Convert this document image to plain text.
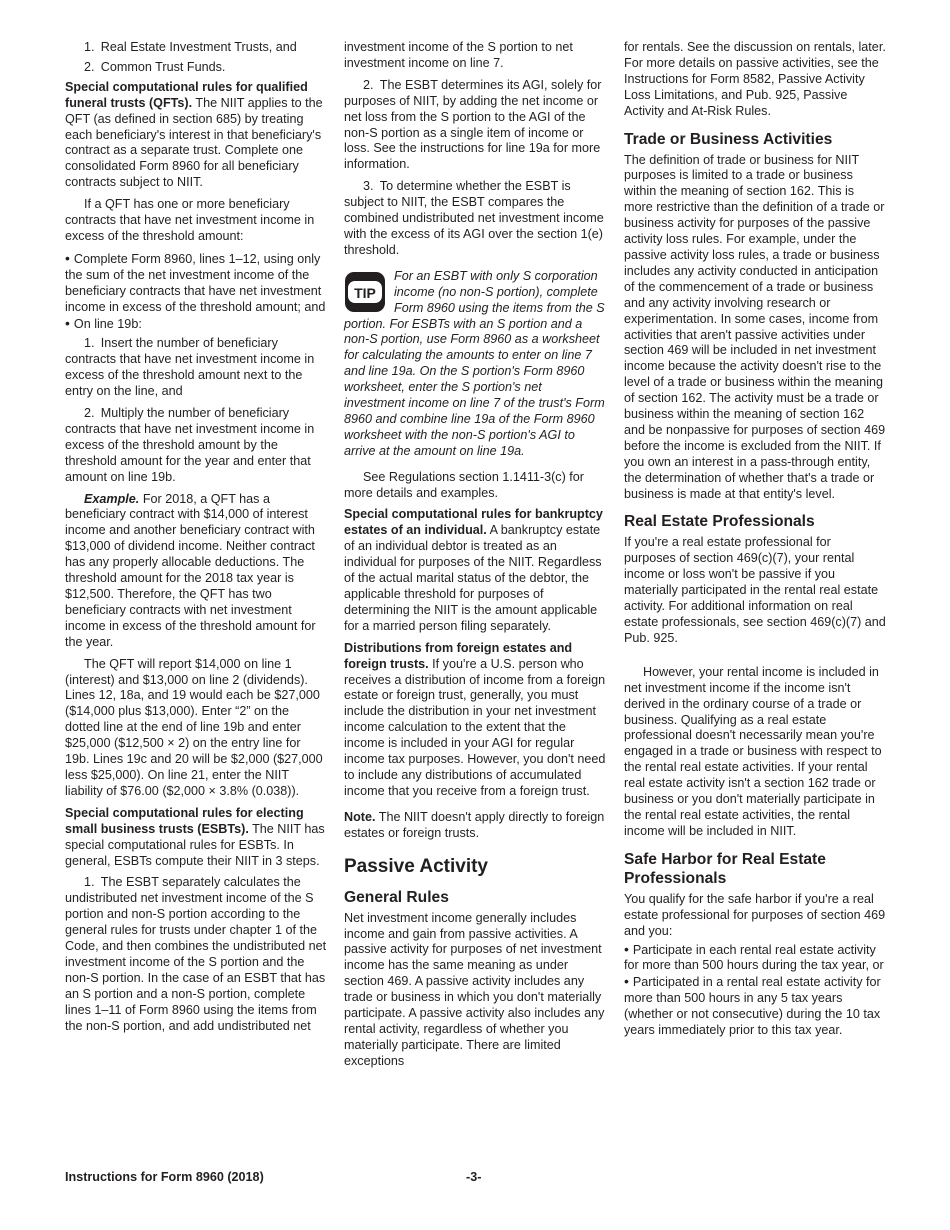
1. Real Estate Investment Trusts, and

2. Common Trust Funds.

Special computational rules for qualified funeral trusts (QFTs). The NIIT applies to the QFT (as defined in section 685) by treating each beneficiary's interest in that beneficiary's contract as a separate trust. Complete one consolidated Form 8960 for all beneficiary contracts subject to NIIT.

If a QFT has one or more beneficiary contracts that have net investment income in excess of the threshold amount:

• Complete Form 8960, lines 1–12, using only the sum of the net investment income of the beneficiary contracts that have net investment income in excess of the threshold amount; and

• On line 19b:

1. Insert the number of beneficiary contracts that have net investment income in excess of the threshold amount next to the entry on the line, and

2. Multiply the number of beneficiary contracts that have net investment income in excess of the threshold amount by the threshold amount for the year and enter that amount on line 19b.

Example. For 2018, a QFT has a beneficiary contract with $14,000 of interest income and another beneficiary contract with $13,000 of dividend income. Neither contract has any properly allocable deductions. The threshold amount for the 2018 tax year is $12,500. Therefore, the QFT has two beneficiary contracts with net investment income in excess of the threshold amount for the year.

The QFT will report $14,000 on line 1 (interest) and $13,000 on line 2 (dividends). Lines 12, 18a, and 19 would each be $27,000 ($14,000 plus $13,000). Enter “2” on the dotted line at the end of line 19b and enter $25,000 ($12,500 × 2) on the entry line for 19b. Lines 19c and 20 will be $2,000 ($27,000 less $25,000). On line 21, enter the NIIT liability of $76.00 ($2,000 × 3.8% (0.038)).

Special computational rules for electing small business trusts (ESBTs). The NIIT has special computational rules for ESBTs. In general, ESBTs compute their NIIT in 3 steps.

1. The ESBT separately calculates the undistributed net investment income of the S portion and non-S portion according to the general rules for trusts under chapter 1 of the Code, and then combines the undistributed net investment income of the S portion and the non-S portion. In the case of an ESBT that has an S portion and a non-S portion, complete lines 1–11 of Form 8960 using the items from the non-S portion, and add undistributed net

investment income of the S portion to net investment income on line 7.

2. The ESBT determines its AGI, solely for purposes of NIIT, by adding the net income or net loss from the S portion to the AGI of the non-S portion as a single item of income or loss. See the instructions for line 19a for more information.

3. To determine whether the ESBT is subject to NIIT, the ESBT compares the combined undistributed net investment income with the excess of its AGI over the section 1(e) threshold.

TIP

For an ESBT with only S corporation income (no non-S portion), complete Form 8960 using the items from the S portion. For ESBTs with an S portion and a non-S portion, use Form 8960 as a worksheet for calculating the amounts to enter on line 7 and line 19a. On the S portion's Form 8960 worksheet, enter the S portion's net investment income on line 7 of the trust's Form 8960 and combine line 19a of the Form 8960 worksheet with the non-S portion's AGI to arrive at the amount on line 19a.

See Regulations section 1.1411-3(c) for more details and examples.

Special computational rules for bankruptcy estates of an individual. A bankruptcy estate of an individual debtor is treated as an individual for purposes of the NIIT. Regardless of the actual marital status of the debtor, the applicable threshold for purposes of determining the NIIT is the amount applicable for a married person filing separately.

Distributions from foreign estates and foreign trusts. If you're a U.S. person who receives a distribution of income from a foreign estate or foreign trust, generally, you must include the distribution in your net investment income calculation to the extent that the income is included in your AGI for regular income tax purposes. However, you don't need to include any distributions of accumulated income that you receive from a foreign trust.

Note. The NIIT doesn't apply directly to foreign estates or foreign trusts.

Passive Activity
General Rules

Net investment income generally includes income and gain from passive activities. A passive activity for purposes of net investment income has the same meaning as under section 469. A passive activity includes any trade or business in which you don't materially participate. A passive activity also includes any rental activity, regardless of whether you materially participate. There are limited exceptions

for rentals. See the discussion on rentals, later. For more details on passive activities, see the Instructions for Form 8582, Passive Activity Loss Limitations, and Pub. 925, Passive Activity and At-Risk Rules.

Trade or Business Activities

The definition of trade or business for NIIT purposes is limited to a trade or business within the meaning of section 162. This is more restrictive than the definition of a trade or business activity for purposes of the passive activity loss rules. For example, under the passive activity loss rules, a trade or business includes any activity conducted in anticipation of the commencement of a trade or business and any activity involving research or experimentation. In some cases, income from activities that aren't passive activities under section 469 will be included in net investment income because the activity doesn't rise to the level of a trade or business within the meaning of section 162. The activity must be a trade or business within the meaning of section 162 and be nonpassive for purposes of section 469 before the income is excluded from the NIIT. If you own an interest in a pass-through entity, the determination of whether that's a trade or business is made at that entity's level.

Real Estate Professionals

If you're a real estate professional for purposes of section 469(c)(7), your rental income or loss won't be passive if you materially participated in the rental real estate activity. For additional information on real estate professionals, see section 469(c)(7) and Pub. 925.

However, your rental income is included in net investment income if the income isn't derived in the ordinary course of a trade or business. Qualifying as a real estate professional doesn't necessarily mean you're engaged in a trade or business with respect to the rental real estate activities. If your rental real estate activity isn't a section 162 trade or business or you don't materially participate in the rental real estate activities, the rental income will be included in NIIT.

Safe Harbor for Real Estate Professionals

You qualify for the safe harbor if you're a real estate professional for purposes of section 469 and you:

• Participate in each rental real estate activity for more than 500 hours during the tax year, or

• Participated in a rental real estate activity for more than 500 hours in any 5 tax years (whether or not consecutive) during the 10 tax years immediately prior to this tax year.

Instructions for Form 8960 (2018)	-3-
